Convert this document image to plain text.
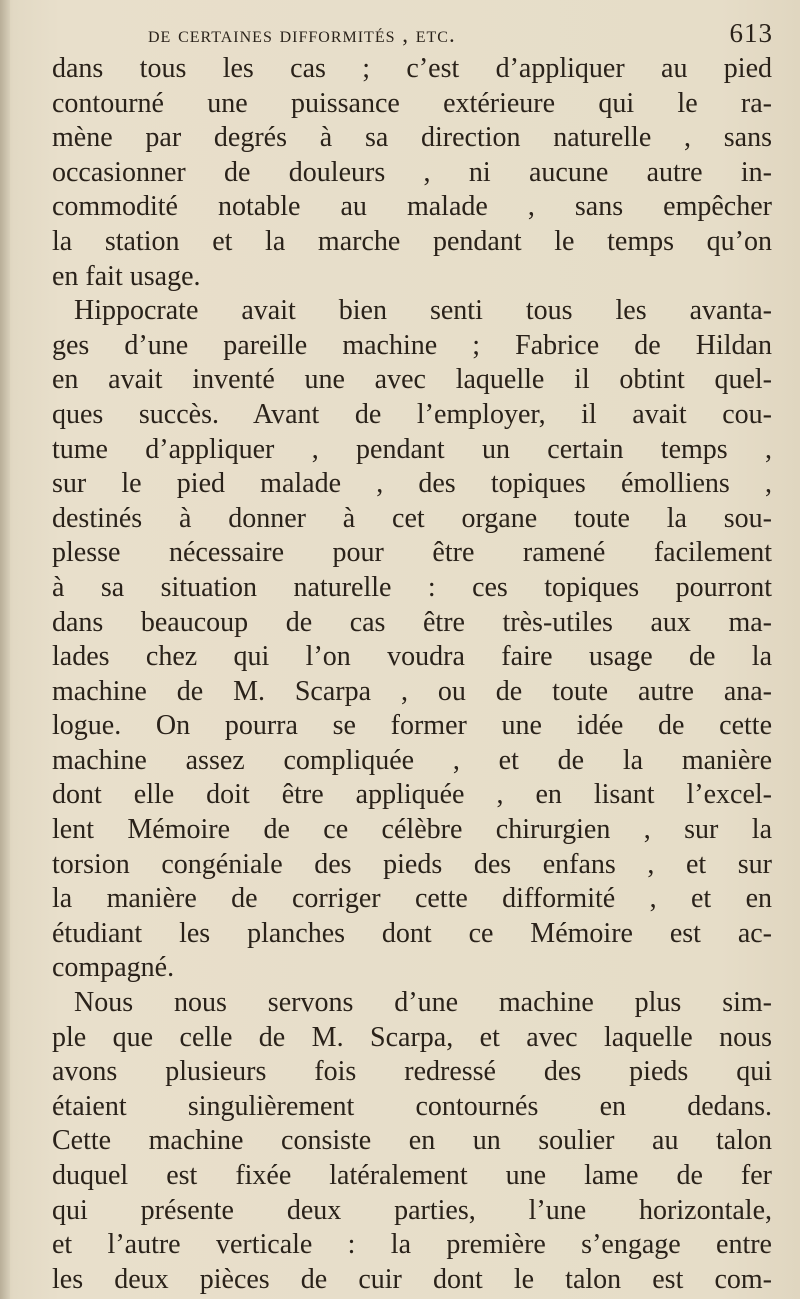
de certaines difformités , etc.	613
dans tous les cas ; c’est d’appliquer au pied
contourné une puissance extérieure qui le ra-
mène par degrés à sa direction naturelle , sans
occasionner de douleurs , ni aucune autre in-
commodité notable au malade , sans empêcher
la station et la marche pendant le temps qu’on
en fait usage.
Hippocrate avait bien senti tous les avanta-
ges d’une pareille machine ; Fabrice de Hildan
en avait inventé une avec laquelle il obtint quel-
ques succès. Avant de l’employer, il avait cou-
tume d’appliquer , pendant un certain temps ,
sur le pied malade , des topiques émolliens ,
destinés à donner à cet organe toute la sou-
plesse nécessaire pour être ramené facilement
à sa situation naturelle : ces topiques pourront
dans beaucoup de cas être très-utiles aux ma-
lades chez qui l’on voudra faire usage de la
machine de M. Scarpa , ou de toute autre ana-
logue. On pourra se former une idée de cette
machine assez compliquée , et de la manière
dont elle doit être appliquée , en lisant l’excel-
lent Mémoire de ce célèbre chirurgien , sur la
torsion congéniale des pieds des enfans , et sur
la manière de corriger cette difformité , et en
étudiant les planches dont ce Mémoire est ac-
compagné.
Nous nous servons d’une machine plus sim-
ple que celle de M. Scarpa, et avec laquelle nous
avons plusieurs fois redressé des pieds qui
étaient singulièrement contournés en dedans.
Cette machine consiste en un soulier au talon
duquel est fixée latéralement une lame de fer
qui présente deux parties, l’une horizontale,
et l’autre verticale : la première s’engage entre
les deux pièces de cuir dont le talon est com-
